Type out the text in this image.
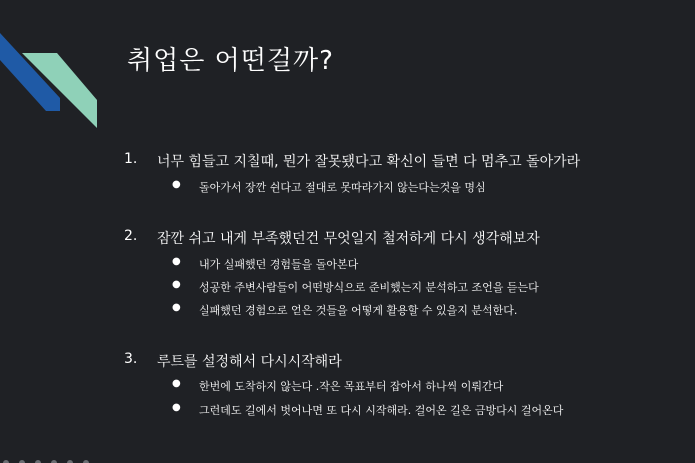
취업은 어떤걸까?
1. 너무 힘들고 지칠때, 뭔가 잘못됐다고 확신이 들면 다 멈추고 돌아가라
● 돌아가서 장깐 쉰다고 절대로 못따라가지 않는다는것을 명심
2. 잠깐 쉬고 내게 부족했던건 무엇일지 철저하게 다시 생각해보자
● 내가 실패했던 경험들을 돌아본다
● 성공한 주변사람들이 어떤방식으로 준비했는지 분석하고 조언을 듣는다
● 실패했던 경험으로 얻은 것들을 어떻게 활용할 수 있을지 분석한다.
3. 루트를 설정해서 다시시작해라
● 한번에 도착하지 않는다 .작은 목표부터 잡아서 하나씩 이뤄간다
● 그런데도 길에서 벗어나면 또 다시 시작해라. 걸어온 길은 금방다시 걸어온다
